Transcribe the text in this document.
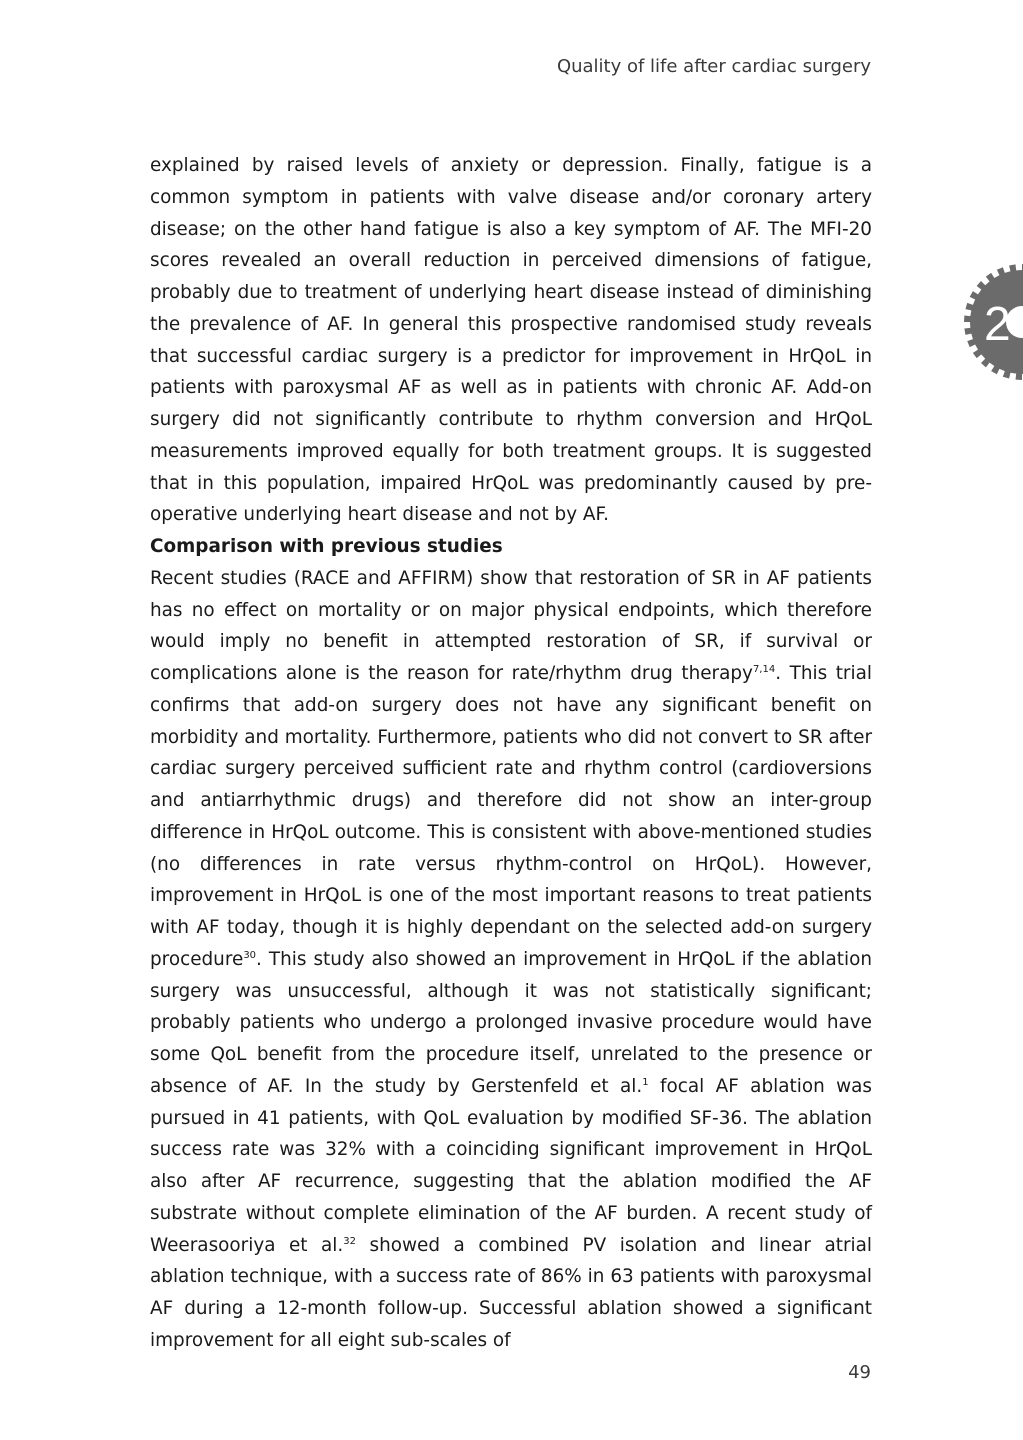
Quality of life after cardiac surgery
2

explained by raised levels of anxiety or depression. Finally, fatigue is a common symptom in patients with valve disease and/or coronary artery disease; on the other hand fatigue is also a key symptom of AF. The MFI-20 scores revealed an overall reduction in perceived dimensions of fatigue, probably due to treatment of underlying heart disease instead of diminishing the prevalence of AF. In general this prospective randomised study reveals that successful cardiac surgery is a predictor for improvement in HrQoL in patients with paroxysmal AF as well as in patients with chronic AF. Add-on surgery did not significantly contribute to rhythm conversion and HrQoL measurements improved equally for both treatment groups. It is suggested that in this population, impaired HrQoL was predominantly caused by pre-operative underlying heart disease and not by AF.

Comparison with previous studies

Recent studies (RACE and AFFIRM) show that restoration of SR in AF patients has no effect on mortality or on major physical endpoints, which therefore would imply no benefit in attempted restoration of SR, if survival or complications alone is the reason for rate/rhythm drug therapy$^{7,14}$. This trial confirms that add-on surgery does not have any significant benefit on morbidity and mortality. Furthermore, patients who did not convert to SR after cardiac surgery perceived sufficient rate and rhythm control (cardioversions and antiarrhythmic drugs) and therefore did not show an inter-group difference in HrQoL outcome. This is consistent with above-mentioned studies (no differences in rate versus rhythm-control on HrQoL). However, improvement in HrQoL is one of the most important reasons to treat patients with AF today, though it is highly dependant on the selected add-on surgery procedure$^{30}$. This study also showed an improvement in HrQoL if the ablation surgery was unsuccessful, although it was not statistically significant; probably patients who undergo a prolonged invasive procedure would have some QoL benefit from the procedure itself, unrelated to the presence or absence of AF. In the study by Gerstenfeld et al.$^1$ focal AF ablation was pursued in 41 patients, with QoL evaluation by modified SF-36. The ablation success rate was 32% with a coinciding significant improvement in HrQoL also after AF recurrence, suggesting that the ablation modified the AF substrate without complete elimination of the AF burden. A recent study of Weerasooriya et al.$^{32}$ showed a combined PV isolation and linear atrial ablation technique, with a success rate of 86% in 63 patients with paroxysmal AF during a 12-month follow-up. Successful ablation showed a significant improvement for all eight sub-scales of

49
